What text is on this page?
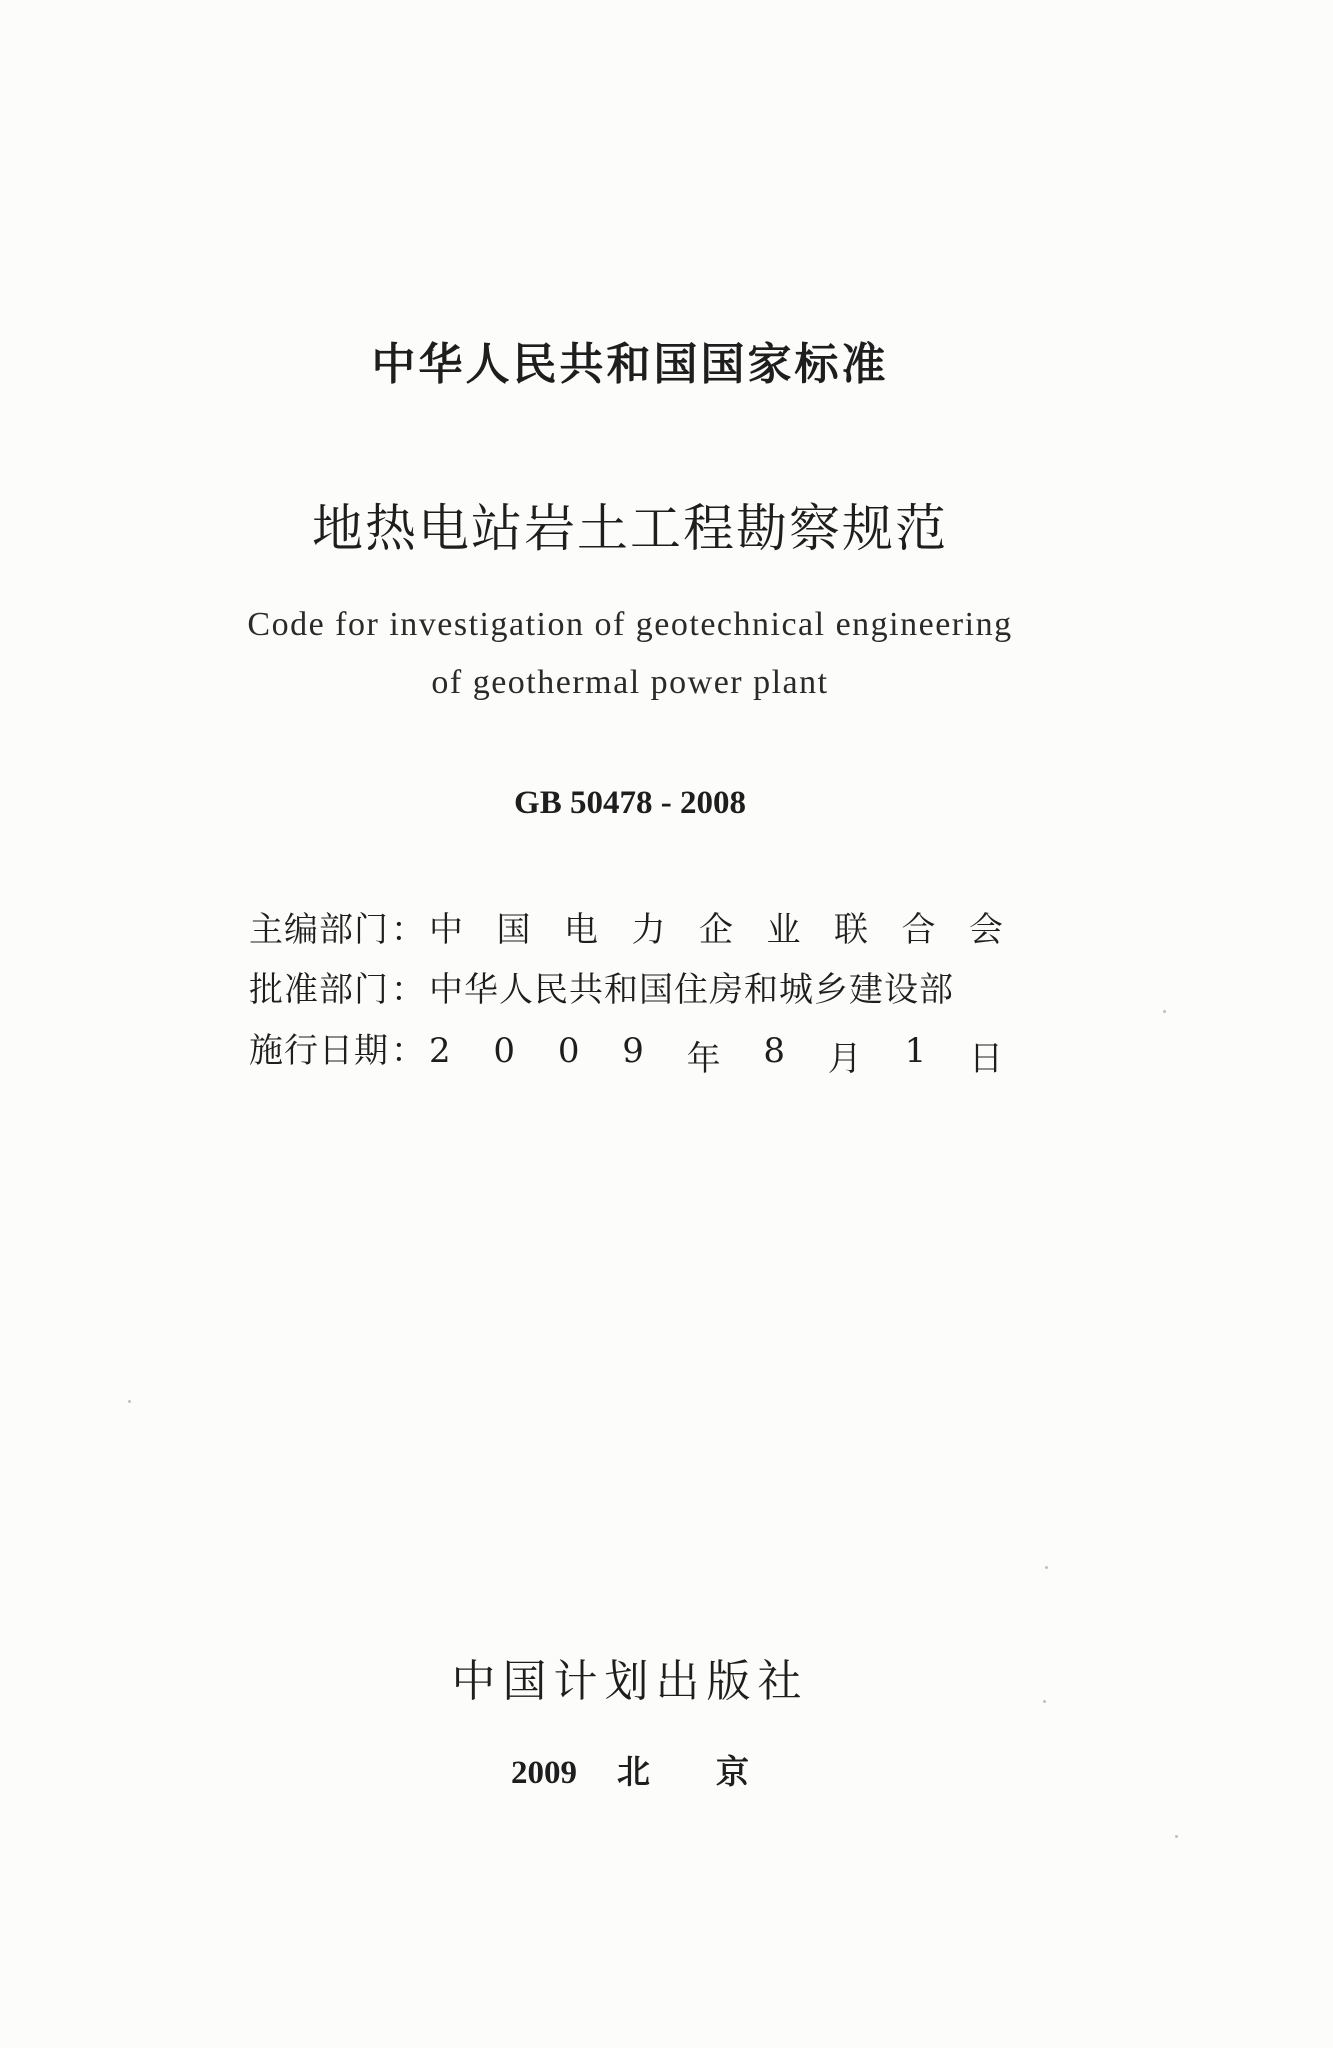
中华人民共和国国家标准
地热电站岩土工程勘察规范
Code for investigation of geotechnical engineering
of geothermal power plant
GB 50478 - 2008
主编部门 ： 中 国 电 力 企 业 联 合 会
批准部门 ： 中华人民共和国住房和城乡建设部
施行日期 ： 2 0 0 9 年 8 月 1 日
中国计划出版社
2009 北京
